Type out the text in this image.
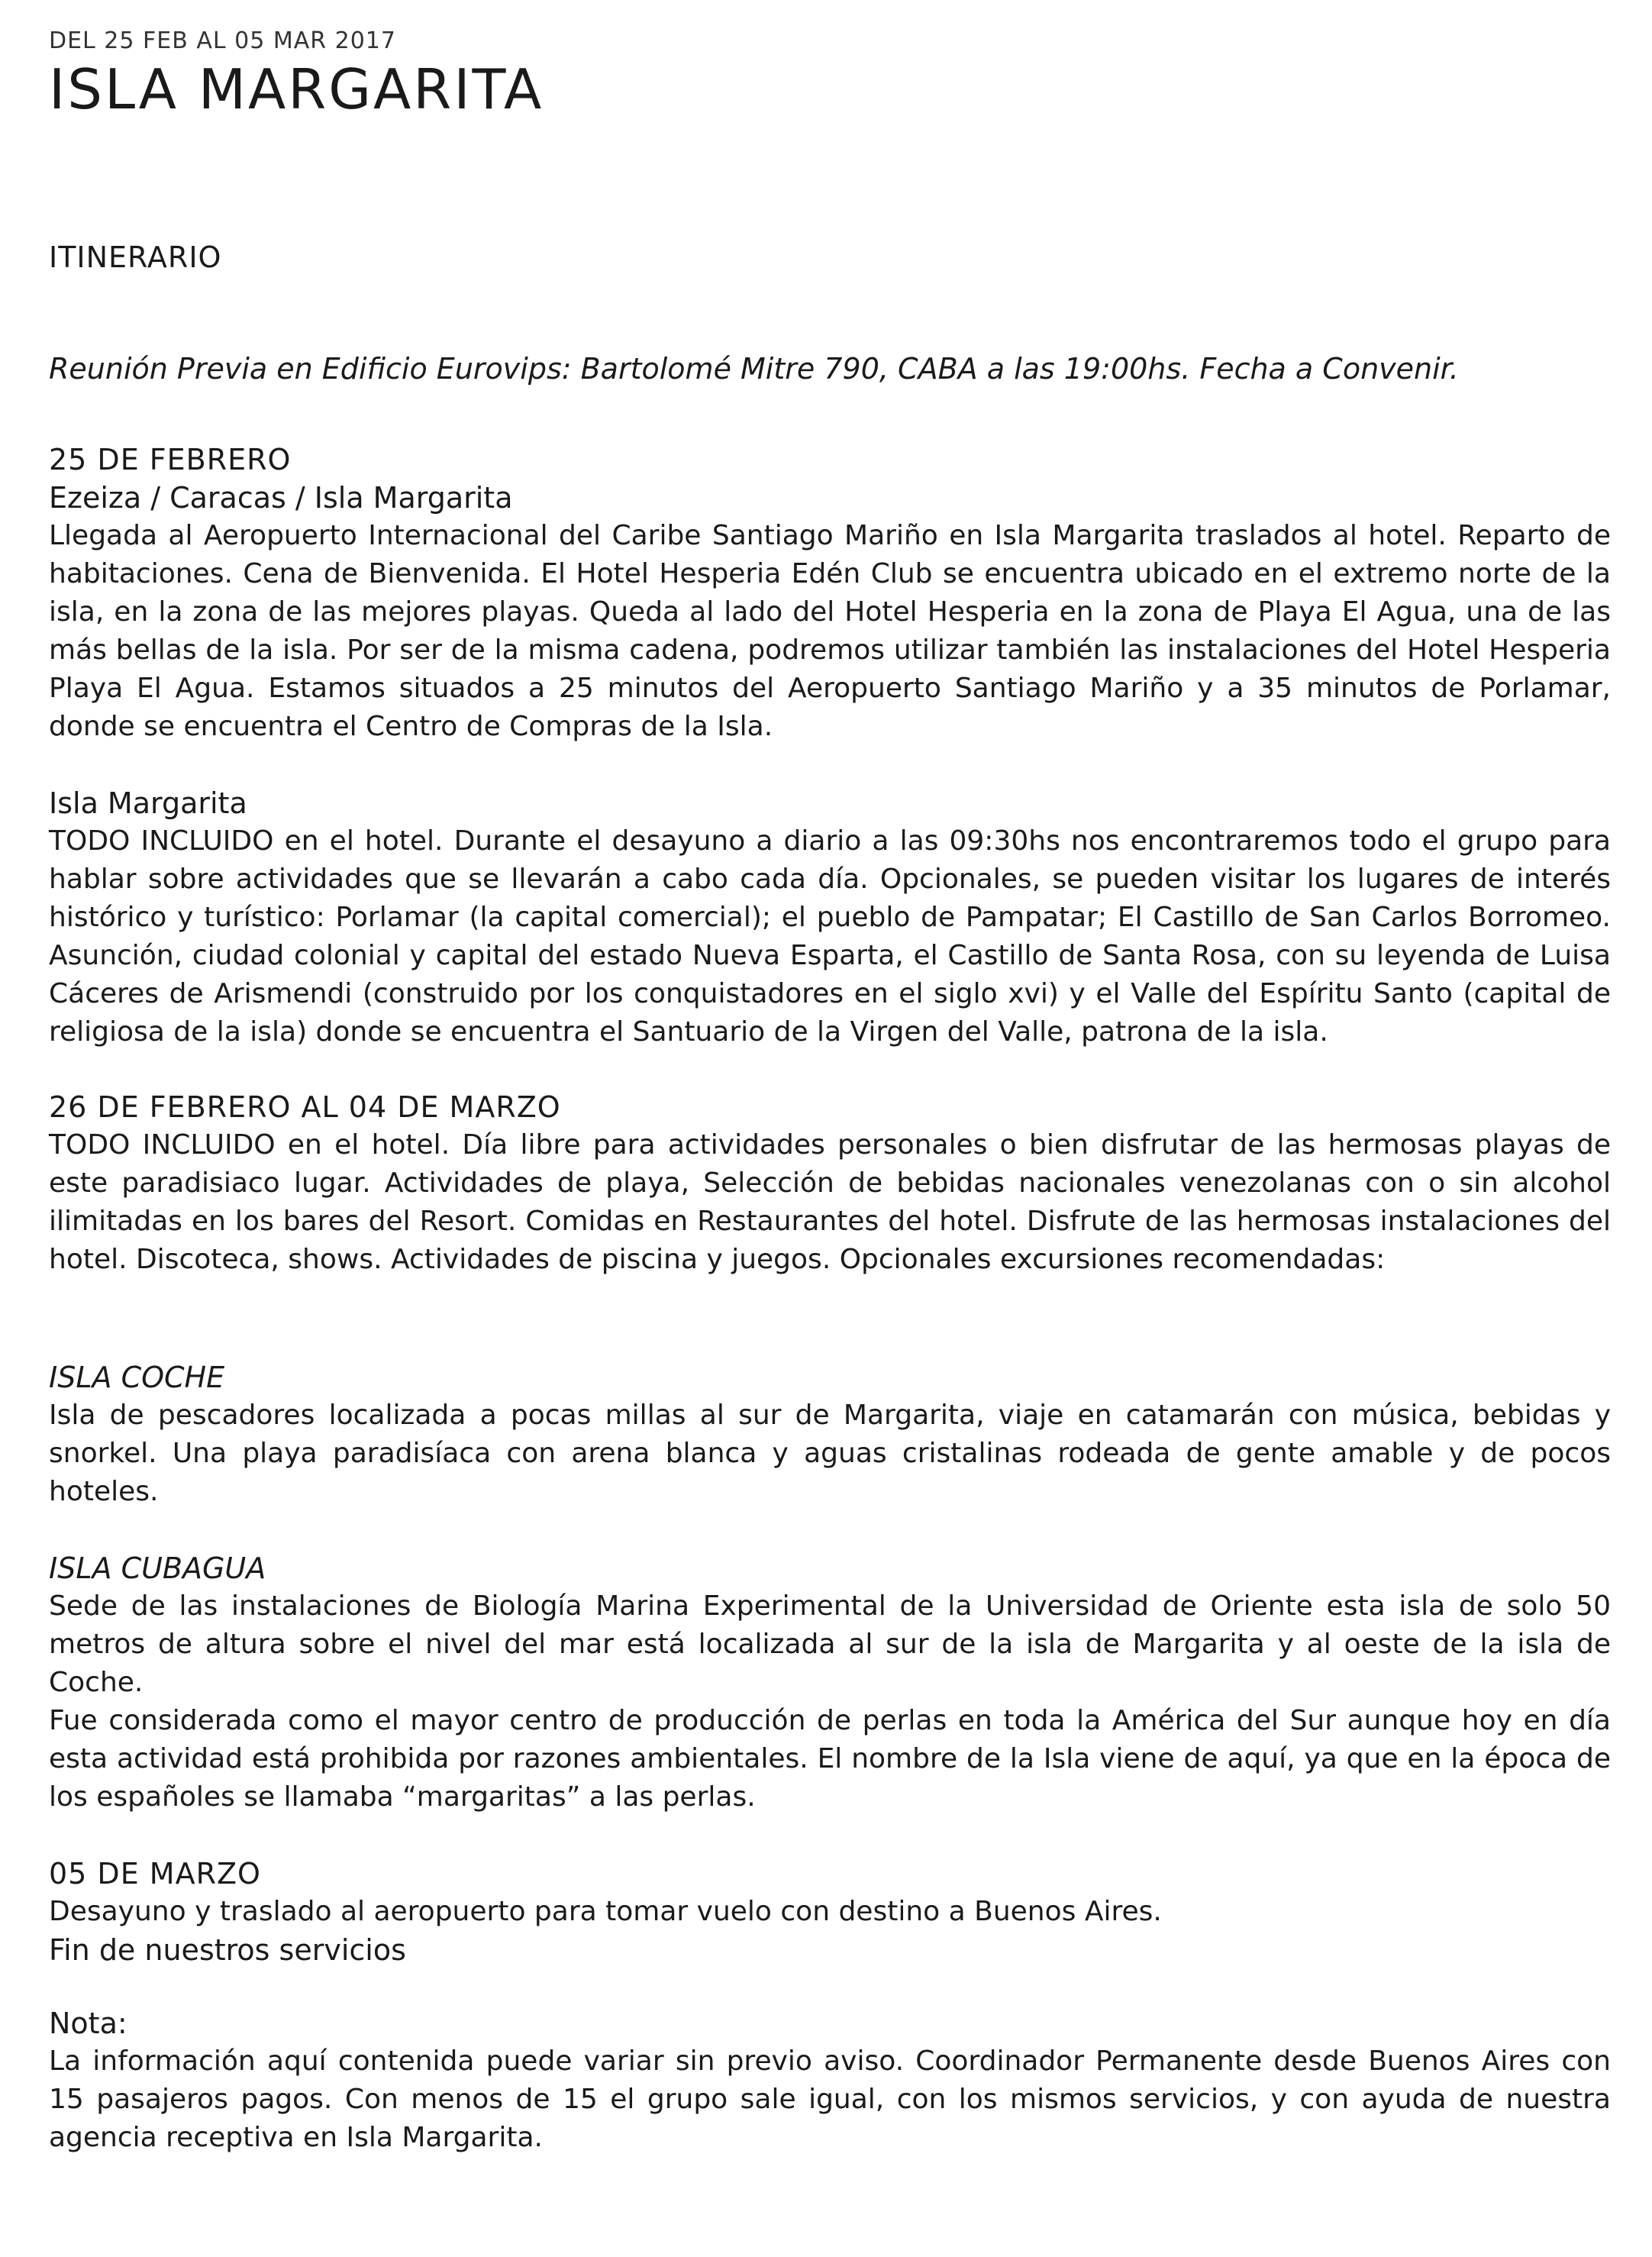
DEL 25 FEB AL 05 MAR 2017
ISLA MARGARITA
ITINERARIO
Reunión Previa en Edificio Eurovips: Bartolomé Mitre 790, CABA a las 19:00hs. Fecha a Convenir.
25 DE FEBRERO
Ezeiza / Caracas / Isla Margarita

Llegada al Aeropuerto Internacional del Caribe Santiago Mariño en Isla Margarita traslados al hotel. Reparto de habitaciones. Cena de Bienvenida. El Hotel Hesperia Edén Club se encuentra ubicado en el extremo norte de la isla, en la zona de las mejores playas. Queda al lado del Hotel Hesperia en la zona de Playa El Agua, una de las más bellas de la isla. Por ser de la misma cadena, podremos utilizar también las instalaciones del Hotel Hesperia Playa El Agua. Estamos situados a 25 minutos del Aeropuerto Santiago Mariño y a 35 minutos de Porlamar, donde se encuentra el Centro de Compras de la Isla.

Isla Margarita

TODO INCLUIDO en el hotel. Durante el desayuno a diario a las 09:30hs nos encontraremos todo el grupo para hablar sobre actividades que se llevarán a cabo cada día. Opcionales, se pueden visitar los lugares de interés histórico y turístico: Porlamar (la capital comercial); el pueblo de Pampatar; El Castillo de San Carlos Borromeo. Asunción, ciudad colonial y capital del estado Nueva Esparta, el Castillo de Santa Rosa, con su leyenda de Luisa Cáceres de Arismendi (construido por los conquistadores en el siglo xvi) y el Valle del Espíritu Santo (capital de religiosa de la isla) donde se encuentra el Santuario de la Virgen del Valle, patrona de la isla.

26 DE FEBRERO AL 04 DE MARZO

TODO INCLUIDO en el hotel. Día libre para actividades personales o bien disfrutar de las hermosas playas de este paradisiaco lugar. Actividades de playa, Selección de bebidas nacionales venezolanas con o sin alcohol ilimitadas en los bares del Resort. Comidas en Restaurantes del hotel. Disfrute de las hermosas instalaciones del hotel. Discoteca, shows. Actividades de piscina y juegos. Opcionales excursiones recomendadas:

ISLA COCHE

Isla de pescadores localizada a pocas millas al sur de Margarita, viaje en catamarán con música, bebidas y snorkel. Una playa paradisíaca con arena blanca y aguas cristalinas rodeada de gente amable y de pocos hoteles.

ISLA CUBAGUA

Sede de las instalaciones de Biología Marina Experimental de la Universidad de Oriente esta isla de solo 50 metros de altura sobre el nivel del mar está localizada al sur de la isla de Margarita y al oeste de la isla de Coche.

Fue considerada como el mayor centro de producción de perlas en toda la América del Sur aunque hoy en día esta actividad está prohibida por razones ambientales. El nombre de la Isla viene de aquí, ya que en la época de los españoles se llamaba “margaritas” a las perlas.

05 DE MARZO

Desayuno y traslado al aeropuerto para tomar vuelo con destino a Buenos Aires.

Fin de nuestros servicios
Nota:

La información aquí contenida puede variar sin previo aviso. Coordinador Permanente desde Buenos Aires con 15 pasajeros pagos. Con menos de 15 el grupo sale igual, con los mismos servicios, y con ayuda de nuestra agencia receptiva en Isla Margarita.
